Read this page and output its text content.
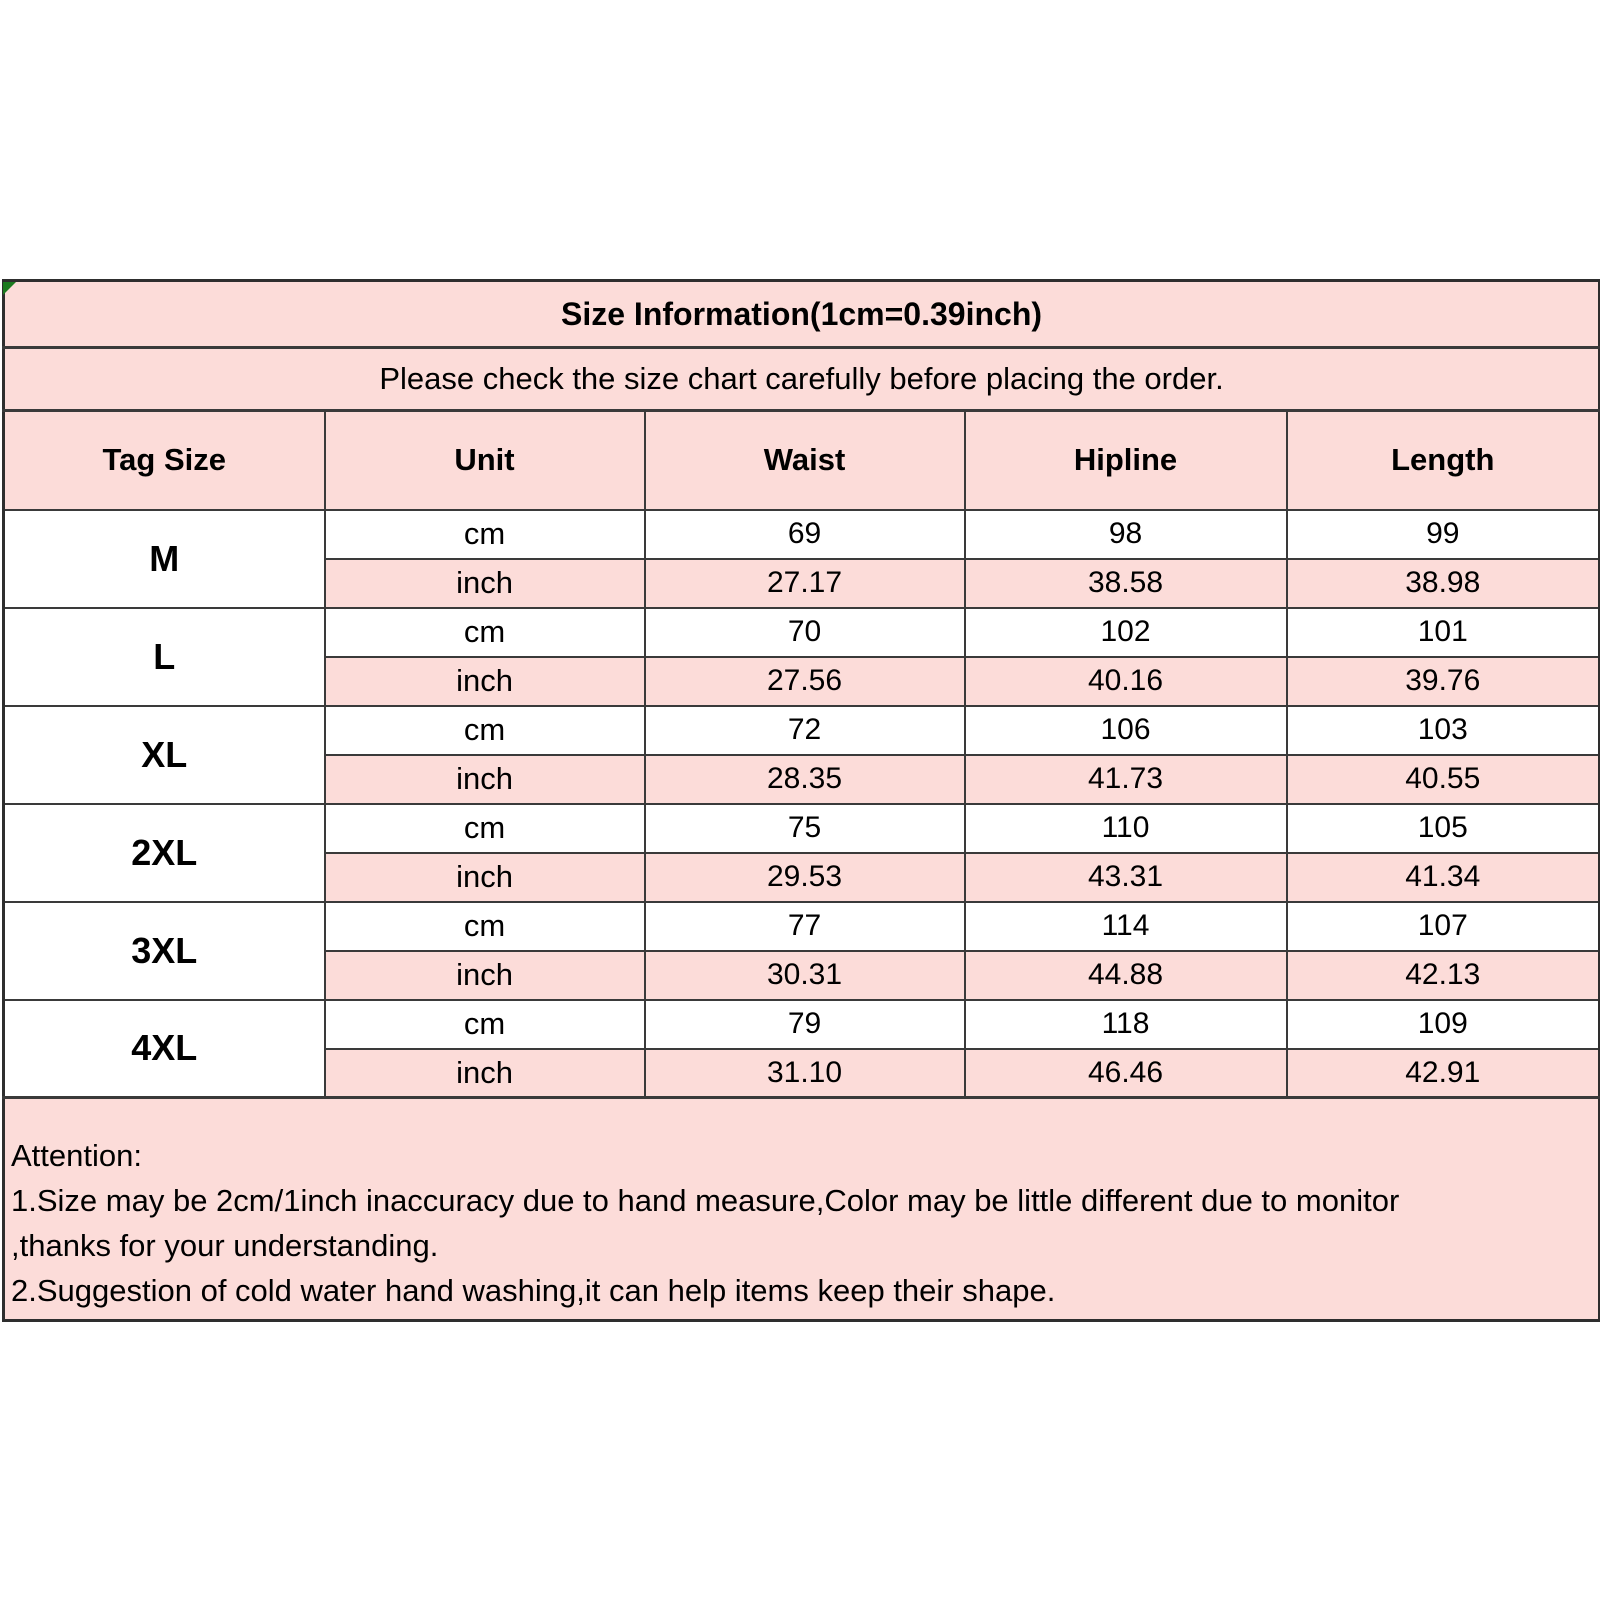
Size Information(1cm=0.39inch)				
Please check the size chart carefully before placing the order.				
Tag Size	Unit	Waist	Hipline	Length
M	cm	69	98	99
	inch	27.17	38.58	38.98
L	cm	70	102	101
	inch	27.56	40.16	39.76
XL	cm	72	106	103
	inch	28.35	41.73	40.55
2XL	cm	75	110	105
	inch	29.53	43.31	41.34
3XL	cm	77	114	107
	inch	30.31	44.88	42.13
4XL	cm	79	118	109
	inch	31.10	46.46	42.91

Attention:
1.Size may be 2cm/1inch inaccuracy due to hand measure,Color may be little different due to monitor
,thanks for your understanding.
2.Suggestion of cold water hand washing,it can help items keep their shape.				
